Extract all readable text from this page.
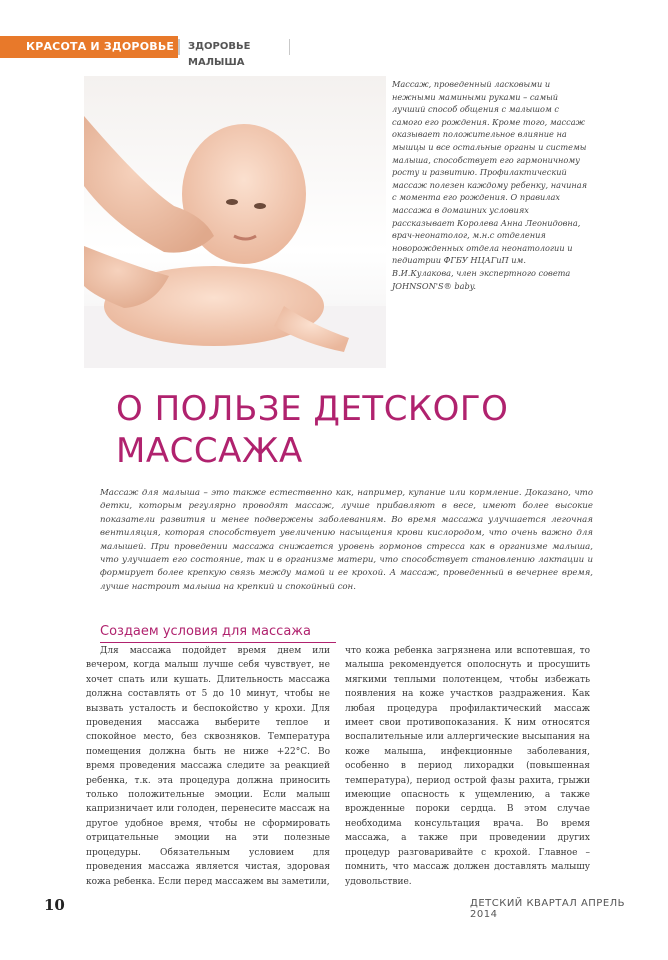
КРАСОТА И ЗДОРОВЬЕ	ЗДОРОВЬЕ МАЛЫША
Массаж, проведенный ласковыми и нежными мамиными руками – самый лучший способ общения с малышом с самого его рождения. Кроме того, массаж оказывает положительное влияние на мышцы и все остальные органы и системы малыша, способствует его гармоничному росту и развитию. Профилактический массаж полезен каждому ребенку, начиная с момента его рождения. О правилах массажа в домашних условиях рассказывает Королева Анна Леонидовна, врач-неонатолог, м.н.с отделения новорожденных отдела неонатологии и педиатрии ФГБУ НЦАГиП им. В.И.Кулакова, член экспертного совета JOHNSON'S® baby.
О ПОЛЬЗЕ ДЕТСКОГО МАССАЖА
Массаж для малыша – это также естественно как, например, купание или кормление. Доказано, что детки, которым регулярно проводят массаж, лучше прибавляют в весе, имеют более высокие показатели развития и менее подвержены заболеваниям. Во время массажа улучшается легочная вентиляция, которая способствует увеличению насыщения крови кислородом, что очень важно для малышей. При проведении массажа снижается уровень гормонов стресса как в организме малыша, что улучшает его состояние, так и в организме матери, что способствует становлению лактации и формирует более крепкую связь между мамой и ее крохой. А массаж, проведенный в вечернее время, лучше настроит малыша на крепкий и спокойный сон.
Создаем условия для массажа

Для массажа подойдет время днем или вечером, когда малыш лучше себя чувствует, не хочет спать или кушать. Длительность массажа должна составлять от 5 до 10 минут, чтобы не вызвать усталость и беспокойство у крохи. Для проведения массажа выберите теплое и спокойное место, без сквозняков. Температура помещения должна быть не ниже +22°С. Во время проведения массажа следите за реакцией ребенка, т.к. эта процедура должна приносить только положительные эмоции. Если малыш капризничает или голоден, перенесите массаж на другое удобное время, чтобы не сформировать отрицательные эмоции на эти полезные процедуры. Обязательным условием для проведения массажа является чистая, здоровая кожа ребенка. Если перед массажем вы заметили,

что кожа ребенка загрязнена или вспотевшая, то малыша рекомендуется ополоснуть и просушить мягкими теплыми полотенцем, чтобы избежать появления на коже участков раздражения. Как любая процедура профилактический массаж имеет свои противопоказания. К ним относятся воспалительные или аллергические высыпания на коже малыша, инфекционные заболевания, особенно в период лихорадки (повышенная температура), период острой фазы рахита, грыжи имеющие опасность к ущемлению, а также врожденные пороки сердца. В этом случае необходима консультация врача. Во время массажа, а также при проведении других процедур разговаривайте с крохой. Главное – помнить, что массаж должен доставлять малышу удовольствие.

10	ДЕТСКИЙ КВАРТАЛ АПРЕЛЬ 2014
